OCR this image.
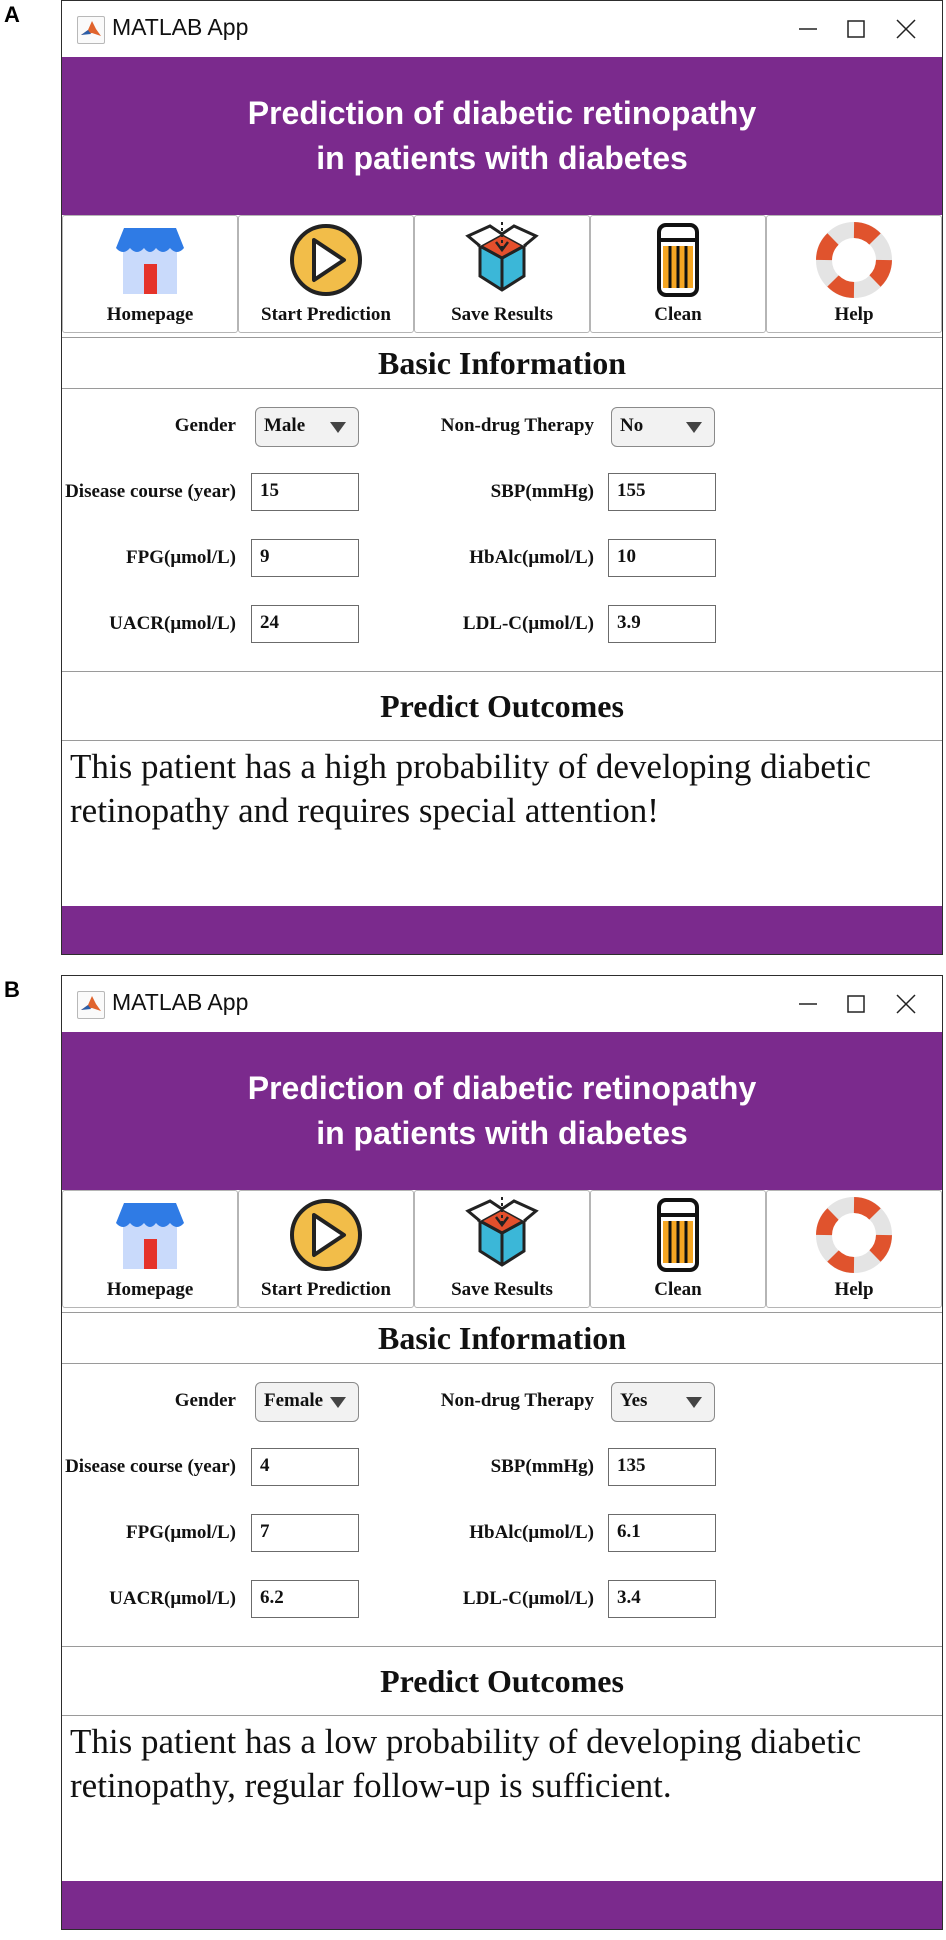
A	MATLAB App
Prediction of diabetic retinopathy
in patients with diabetes
Homepage	Start Prediction	Save Results	Clean	Help
Basic Information
Gender	Male
Disease course (year)	15
FPG(μmol/L)	9
UACR(μmol/L)	24
Non-drug Therapy	No
SBP(mmHg)	155
HbAlc(μmol/L)	10
LDL-C(μmol/L)	3.9
Predict Outcomes
This patient has a high probability of developing diabetic retinopathy and requires special attention!
B	MATLAB App
Prediction of diabetic retinopathy
in patients with diabetes
Homepage	Start Prediction	Save Results	Clean	Help
Basic Information
Gender	Female
Disease course (year)	4
FPG(μmol/L)	7
UACR(μmol/L)	6.2
Non-drug Therapy	Yes
SBP(mmHg)	135
HbAlc(μmol/L)	6.1
LDL-C(μmol/L)	3.4
Predict Outcomes
This patient has a low probability of developing diabetic retinopathy, regular follow-up is sufficient.
